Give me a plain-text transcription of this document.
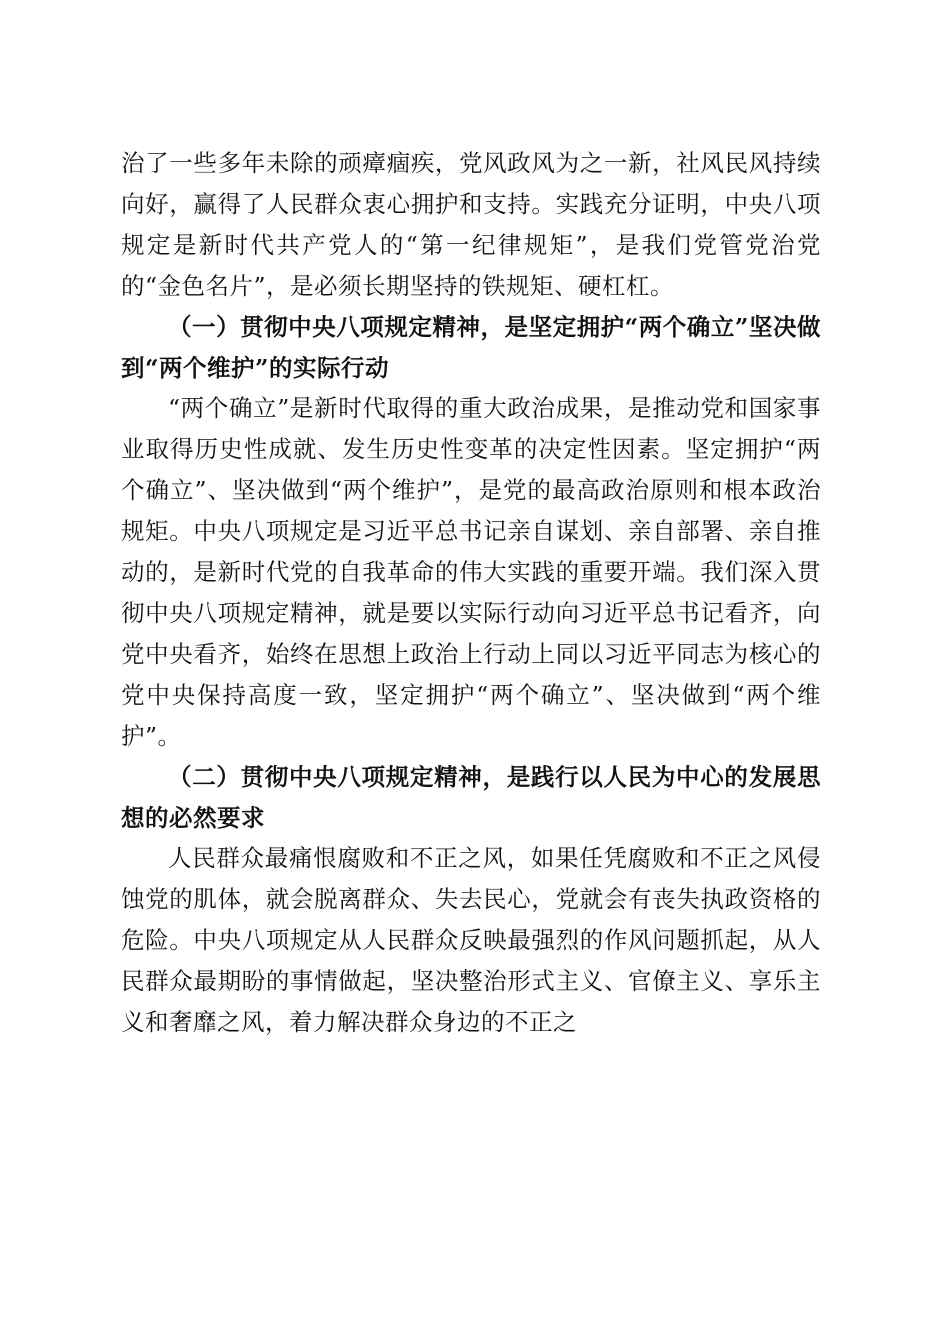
治了一些多年未除的顽瘴痼疾，党风政风为之一新，社风民风持续向好，赢得了人民群众衷心拥护和支持。实践充分证明，中央八项规定是新时代共产党人的“第一纪律规矩”，是我们党管党治党的“金色名片”，是必须长期坚持的铁规矩、硬杠杠。

（一）贯彻中央八项规定精神，是坚定拥护“两个确立”坚决做到“两个维护”的实际行动

“两个确立”是新时代取得的重大政治成果，是推动党和国家事业取得历史性成就、发生历史性变革的决定性因素。坚定拥护“两个确立”、坚决做到“两个维护”，是党的最高政治原则和根本政治规矩。中央八项规定是习近平总书记亲自谋划、亲自部署、亲自推动的，是新时代党的自我革命的伟大实践的重要开端。我们深入贯彻中央八项规定精神，就是要以实际行动向习近平总书记看齐，向党中央看齐，始终在思想上政治上行动上同以习近平同志为核心的党中央保持高度一致，坚定拥护“两个确立”、坚决做到“两个维护”。

（二）贯彻中央八项规定精神，是践行以人民为中心的发展思想的必然要求

人民群众最痛恨腐败和不正之风，如果任凭腐败和不正之风侵蚀党的肌体，就会脱离群众、失去民心，党就会有丧失执政资格的危险。中央八项规定从人民群众反映最强烈的作风问题抓起，从人民群众最期盼的事情做起，坚决整治形式主义、官僚主义、享乐主义和奢靡之风，着力解决群众身边的不正之
